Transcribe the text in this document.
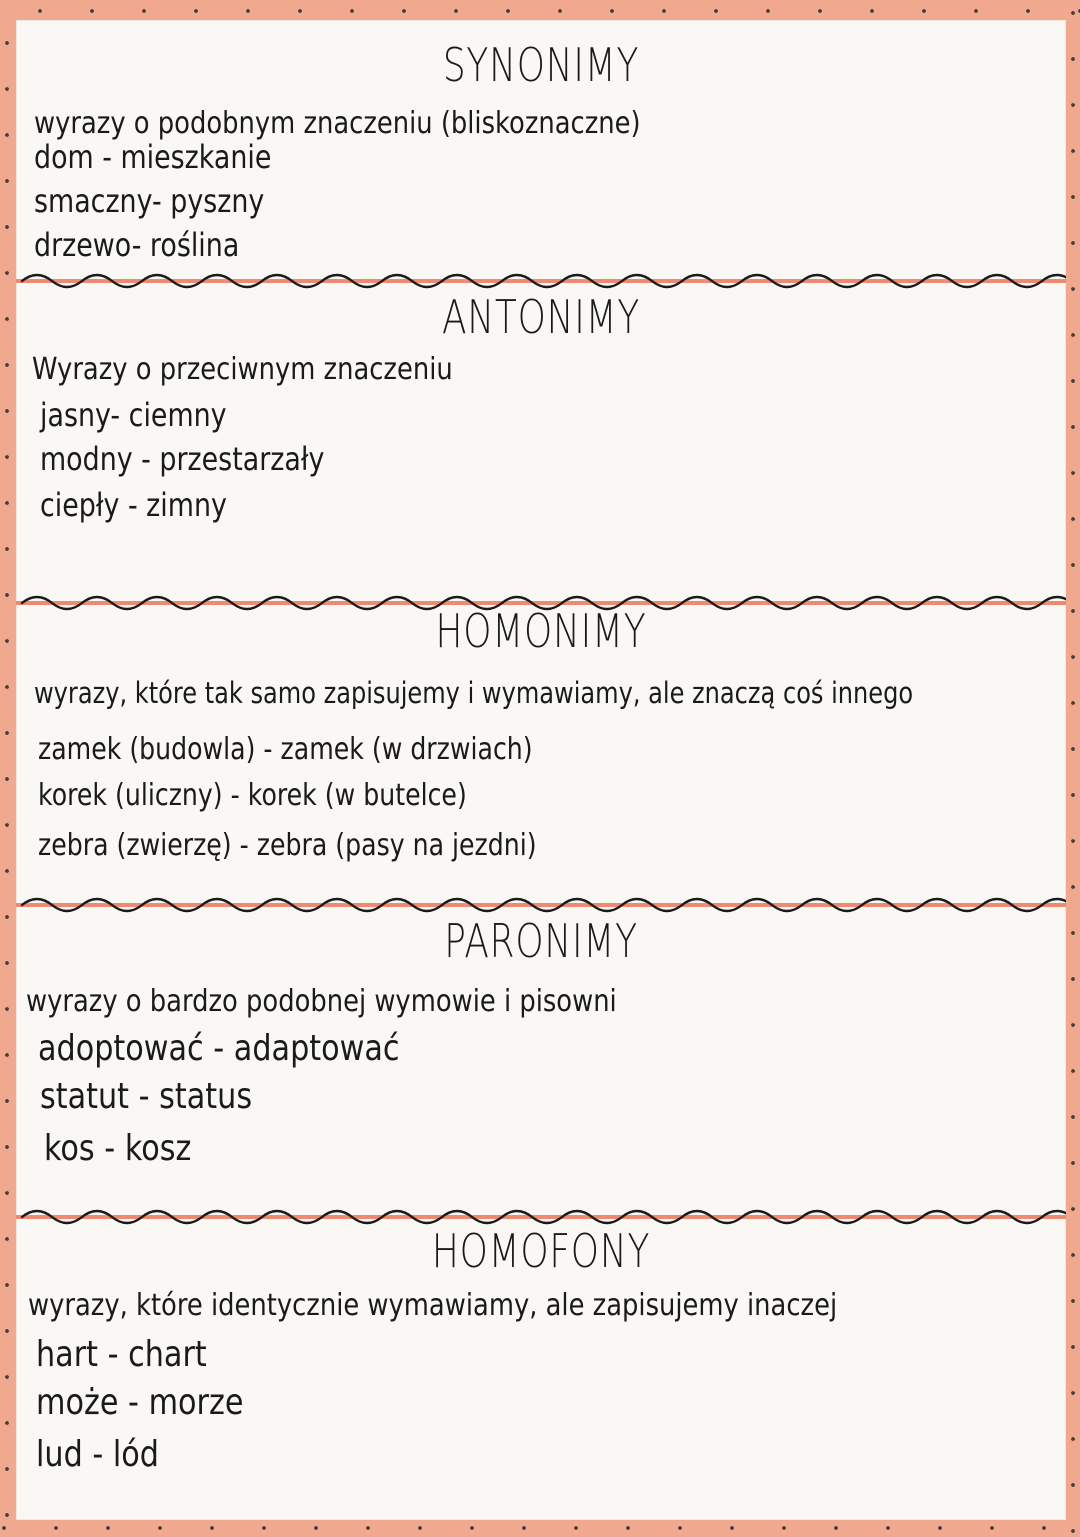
SYNONIMY
wyrazy o podobnym znaczeniu (bliskoznaczne)
dom - mieszkanie
smaczny- pyszny
drzewo- roślina
ANTONIMY
Wyrazy o przeciwnym znaczeniu
jasny- ciemny
modny - przestarzały
ciepły - zimny
HOMONIMY
wyrazy, które tak samo zapisujemy i wymawiamy, ale znaczą coś innego
zamek (budowla) - zamek (w drzwiach)
korek (uliczny) - korek (w butelce)
zebra (zwierzę) - zebra (pasy na jezdni)
PARONIMY
wyrazy o bardzo podobnej wymowie i pisowni
adoptować - adaptować
statut - status
kos - kosz
HOMOFONY
wyrazy, które identycznie wymawiamy, ale zapisujemy inaczej
hart - chart
może - morze
lud - lód
